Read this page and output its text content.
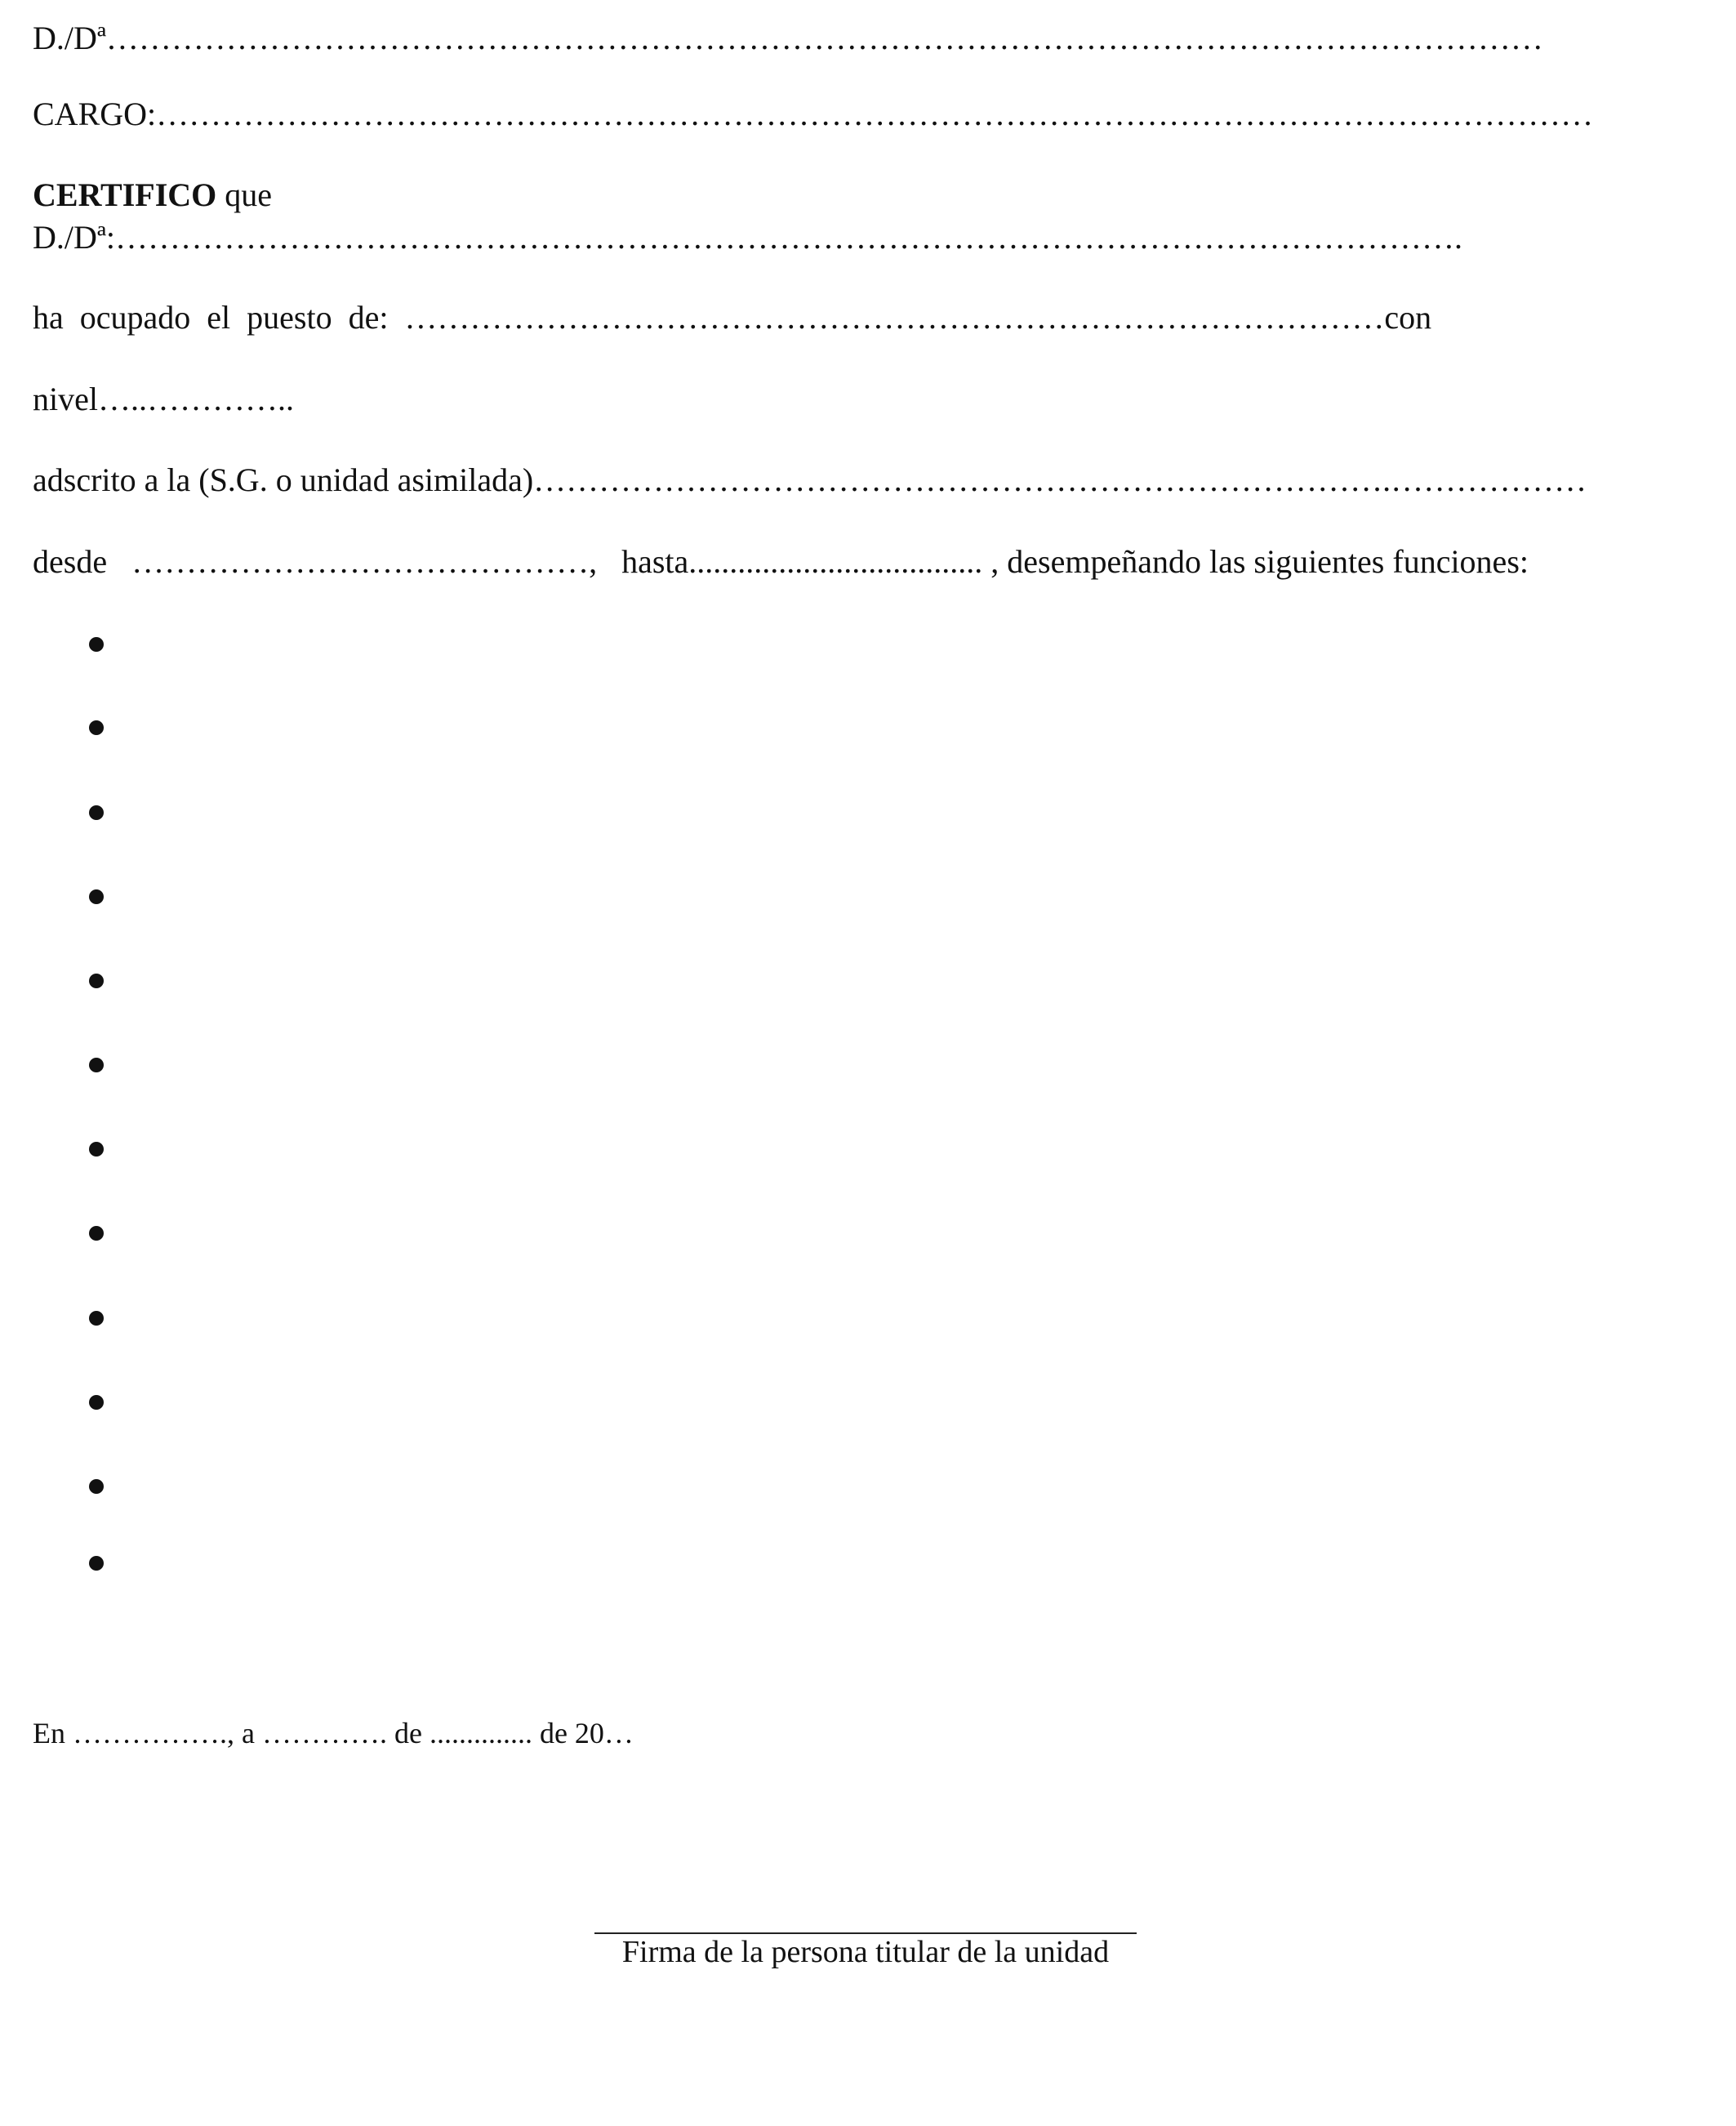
D./Dª……………………………………………………………………………………………………………………
CARGO:……………………………………………………………………………………………………………………
CERTIFICO que
D./Dª:…………………………………………………………………………………………………………….
ha  ocupado  el  puesto  de:  ………………………………………………………………………………con
nivel…..…………..
adscrito a la (S.G. o unidad asimilada)…………………………………………………………………….………………
desde   ……………………………………,   hasta.................................... , desempeñando las siguientes funciones:
En ……………., a …………. de .............. de 20…
Firma de la persona titular de la unidad
